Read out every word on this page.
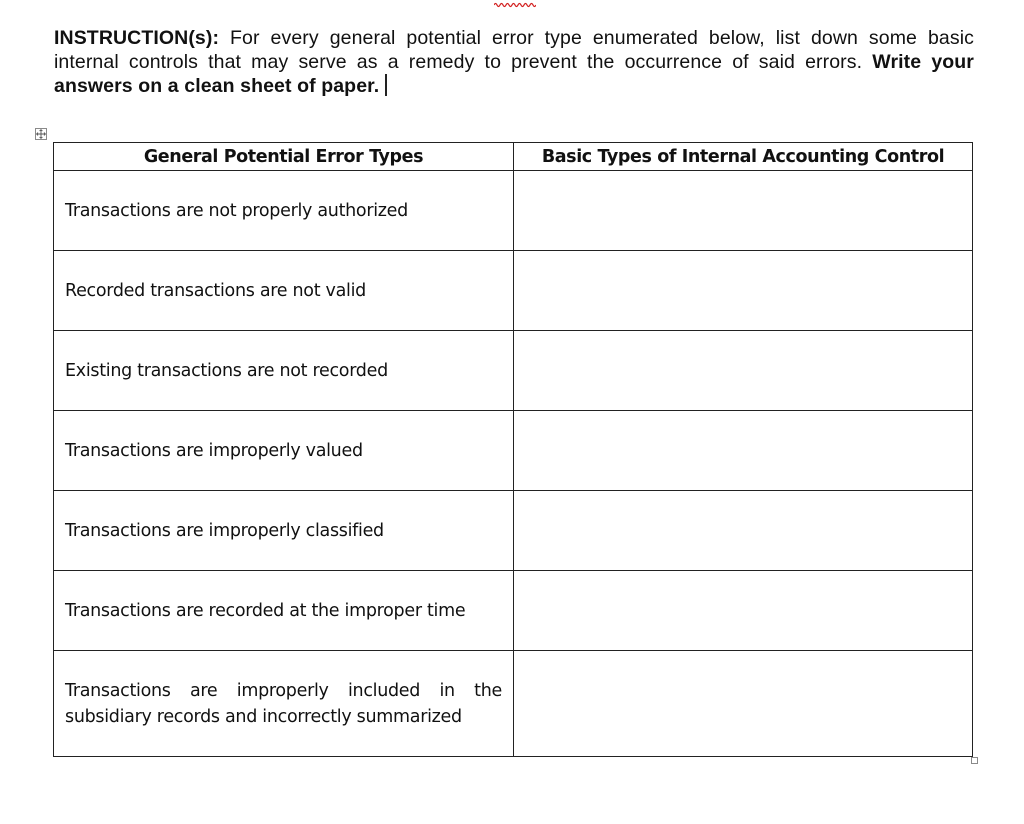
INSTRUCTION(s): For every general potential error type enumerated below, list down some basic internal controls that may serve as a remedy to prevent the occurrence of said errors. Write your answers on a clean sheet of paper.
General Potential Error Types	Basic Types of Internal Accounting Control
Transactions are not properly authorized	
Recorded transactions are not valid	
Existing transactions are not recorded	
Transactions are improperly valued	
Transactions are improperly classified	
Transactions are recorded at the improper time	
Transactions are improperly included in the subsidiary records and incorrectly summarized	
